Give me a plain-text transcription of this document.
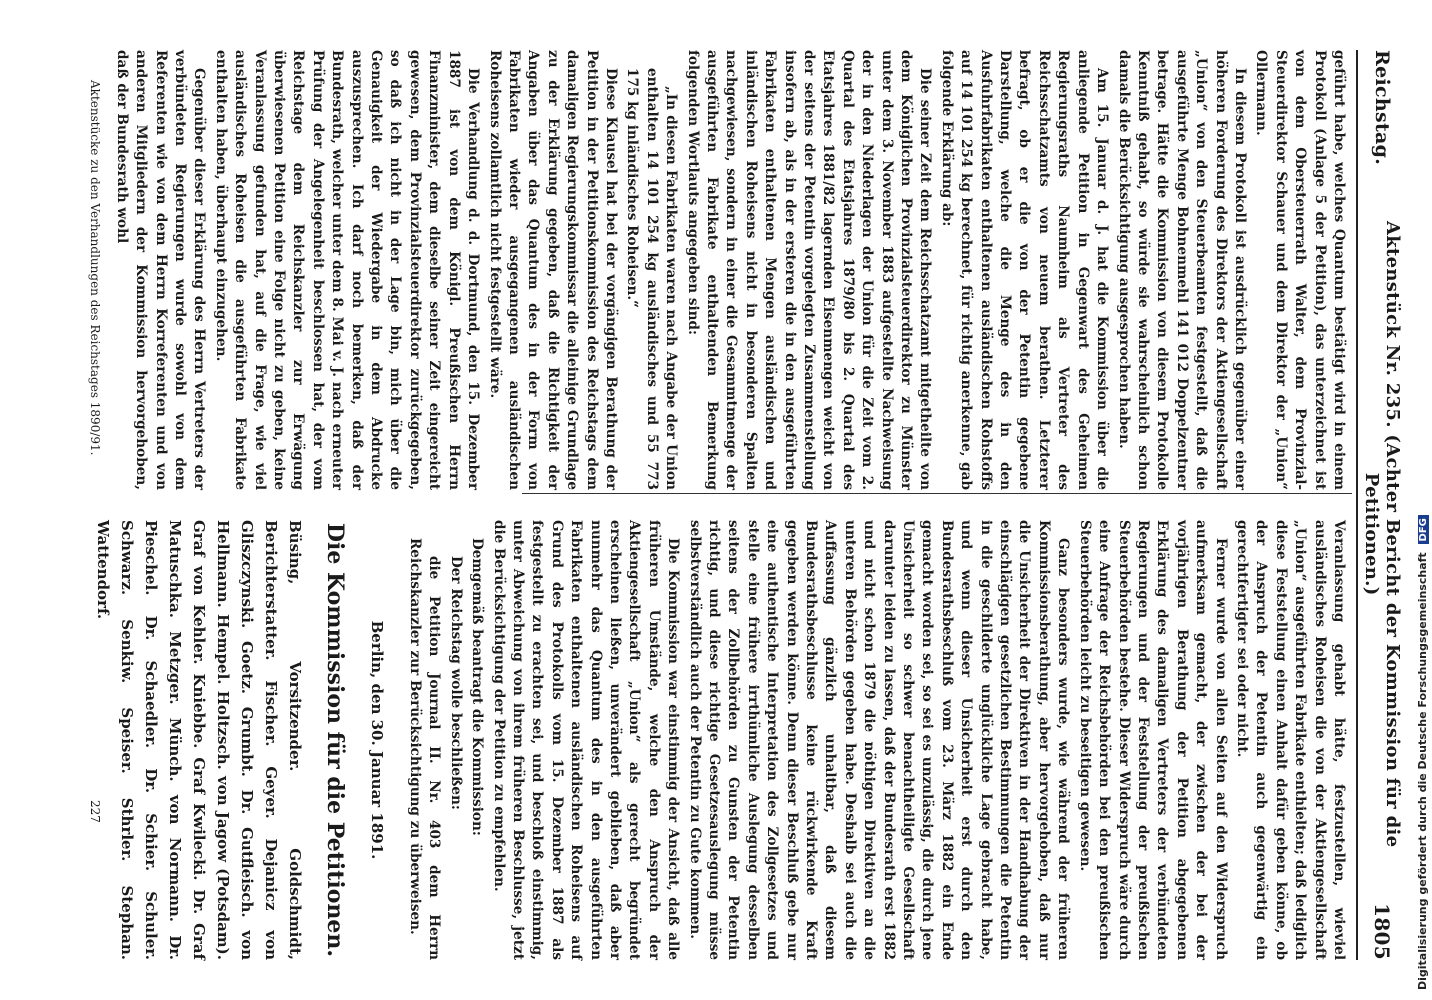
Reichstag.
Aktenstück Nr. 235. (Achter Bericht der Kommission für die Petitionen.)
1805

geführt habe, welches Quantum bestätigt wird in einem Protokoll (Anlage 5 der Petition), das unterzeichnet ist von dem Obersteuerrath Walter, dem Provinzial-Steuerdirektor Schauer und dem Direktor der „Union“ Ollermann.

In diesem Protokoll ist ausdrücklich gegenüber einer höheren Forderung des Direktors der Aktiengesellschaft „Union“ von den Steuerbeamten festgestellt, daß die ausgeführte Menge Bohnenmehl 141 012 Doppelzentner betrage. Hätte die Kommission von diesem Protokolle Kenntniß gehabt, so würde sie wahrscheinlich schon damals die Berücksichtigung ausgesprochen haben.

Am 15. Januar d. J. hat die Kommission über die anliegende Petition in Gegenwart des Geheimen Regierungsraths Naumheim als Vertreter des Reichsschatzamts von neuem berathen. Letzterer befragt, ob er die von der Petentin gegebene Darstellung, welche die Menge des in den Ausfuhrfabrikaten enthaltenen ausländischen Rohstoffs auf 14 101 254 kg berechnet, für richtig anerkenne, gab folgende Erklärung ab:

Die seiner Zeit dem Reichsschatzamt mitgetheilte von dem Königlichen Provinzialsteuerdirektor zu Münster unter dem 3. November 1883 aufgestellte Nachweisung der in den Niederlagen der Union für die Zeit vom 2. Quartal des Etatsjahres 1879/80 bis 2. Quartal des Etatsjahres 1881/82 lagernden Eisenmengen weicht von der seitens der Petentin vorgelegten Zusammenstellung insofern ab, als in der ersteren die in den ausgeführten Fabrikaten enthaltenen Mengen ausländischen und inländischen Roheisens nicht in besonderen Spalten nachgewiesen, sondern in einer die Gesammtmenge der ausgeführten Fabrikate enthaltenden Bemerkung folgenden Wortlauts angegeben sind:

„In diesen Fabrikaten waren nach Angabe der Union enthalten 14 101 254 kg ausländisches und 55 773 175 kg inländisches Roheisen.“

Diese Klausel hat bei der vorgängigen Berathung der Petition in der Petitionskommission des Reichstags dem damaligen Regierungskommissar die alleinige Grundlage zu der Erklärung gegeben, daß die Richtigkeit der Angaben über das Quantum des in der Form von Fabrikaten wieder ausgegangenen ausländischen Roheisens zollamtlich nicht festgestellt wäre.

Die Verhandlung d. d. Dortmund, den 15. Dezember 1887 ist von dem Königl. Preußischen Herrn Finanzminister, dem dieselbe seiner Zeit eingereicht gewesen, dem Provinzialsteuerdirektor zurückgegeben, so daß ich nicht in der Lage bin, mich über die Genauigkeit der Wiedergabe in dem Abdrucke auszusprechen. Ich darf noch bemerken, daß der Bundesrath, welcher unter dem 8. Mai v. J. nach erneuter Prüfung der Angelegenheit beschlossen hat, der vom Reichstage dem Reichskanzler zur Erwägung überwiesenen Petition eine Folge nicht zu geben, keine Veranlassung gefunden hat, auf die Frage, wie viel ausländisches Roheisen die ausgeführten Fabrikate enthalten haben, überhaupt einzugehen.

Gegenüber dieser Erklärung des Herrn Vertreters der verbündeten Regierungen wurde sowohl von dem Referenten wie von dem Herrn Korreferenten und von anderen Mitgliedern der Kommission hervorgehoben, daß der Bundesrath wohl

Veranlassung gehabt hätte, festzustellen, wieviel ausländisches Roheisen die von der Aktiengesellschaft „Union“ ausgeführten Fabrikate enthielten; daß lediglich diese Feststellung einen Anhalt dafür geben könne, ob der Anspruch der Petentin auch gegenwärtig ein gerechtfertigter sei oder nicht.

Ferner wurde von allen Seiten auf den Widerspruch aufmerksam gemacht, der zwischen der bei der vorjährigen Berathung der Petition abgegebenen Erklärung des damaligen Vertreters der verbündeten Regierungen und der Feststellung der preußischen Steuerbehörden bestehe. Dieser Widerspruch wäre durch eine Anfrage der Reichsbehörden bei den preußischen Steuerbehörden leicht zu beseitigen gewesen.

Ganz besonders wurde, wie während der früheren Kommissionsberathung, aber hervorgehoben, daß nur die Unsicherheit der Direktiven in der Handhabung der einschlägigen gesetzlichen Bestimmungen die Petentin in die geschilderte unglückliche Lage gebracht habe, und wenn dieser Unsicherheit erst durch den Bundesrathsbeschluß vom 23. März 1882 ein Ende gemacht worden sei, so sei es unzulässig, die durch jene Unsicherheit so schwer benachtheiligte Gesellschaft darunter leiden zu lassen, daß der Bundesrath erst 1882 und nicht schon 1879 die nöthigen Direktiven an die unteren Behörden gegeben habe. Deshalb sei auch die Auffassung gänzlich unhaltbar, daß diesem Bundesrathsbeschlusse keine rückwirkende Kraft gegeben werden könne. Denn dieser Beschluß gebe nur eine authentische Interpretation des Zollgesetzes und stelle eine frühere irrthümliche Auslegung desselben seitens der Zollbehörden zu Gunsten der Petentin richtig, und diese richtige Gesetzesauslegung müsse selbstverständlich auch der Petentin zu Gute kommen.

Die Kommission war einstimmig der Ansicht, daß alle früheren Umstände, welche den Anspruch der Aktiengesellschaft „Union“ als gerecht begründet erscheinen ließen, unverändert geblieben, daß aber nunmehr das Quantum des in den ausgeführten Fabrikaten enthaltenen ausländischen Roheisens auf Grund des Protokolls vom 15. Dezember 1887 als festgestellt zu erachten sei, und beschloß einstimmig, unter Abweichung von ihrem früheren Beschlusse, jetzt die Berücksichtigung der Petition zu empfehlen.

Demgemäß beantragt die Kommission:

Der Reichstag wolle beschließen:

die Petition Journal II. Nr. 403 dem Herrn Reichskanzler zur Berücksichtigung zu überweisen.

Berlin, den 30. Januar 1891.

Die Kommission für die Petitionen.

Büsing, Vorsitzender. Goldschmidt, Berichterstatter. Fischer. Geyer. Dejanicz von Gliszczynski. Goetz. Grumbt. Dr. Gutfleisch. von Hellmann. Hempel. Holtzsch. von Jagow (Potsdam). Graf von Kehler. Kniebbe. Graf Kwilecki. Dr. Graf Matuschka. Metzger. Münch. von Normann. Dr. Pieschel. Dr. Schaedler. Dr. Schier. Schuler. Schwarz. Senkiw. Speiser. Sthrler. Stephan. Wattendorf.

Aktenstücke zu den Verhandlungen des Reichstages 1890/91.
227	Digitalisierung gefördert durch die Deutsche Forschungsgemeinschaft DFG
